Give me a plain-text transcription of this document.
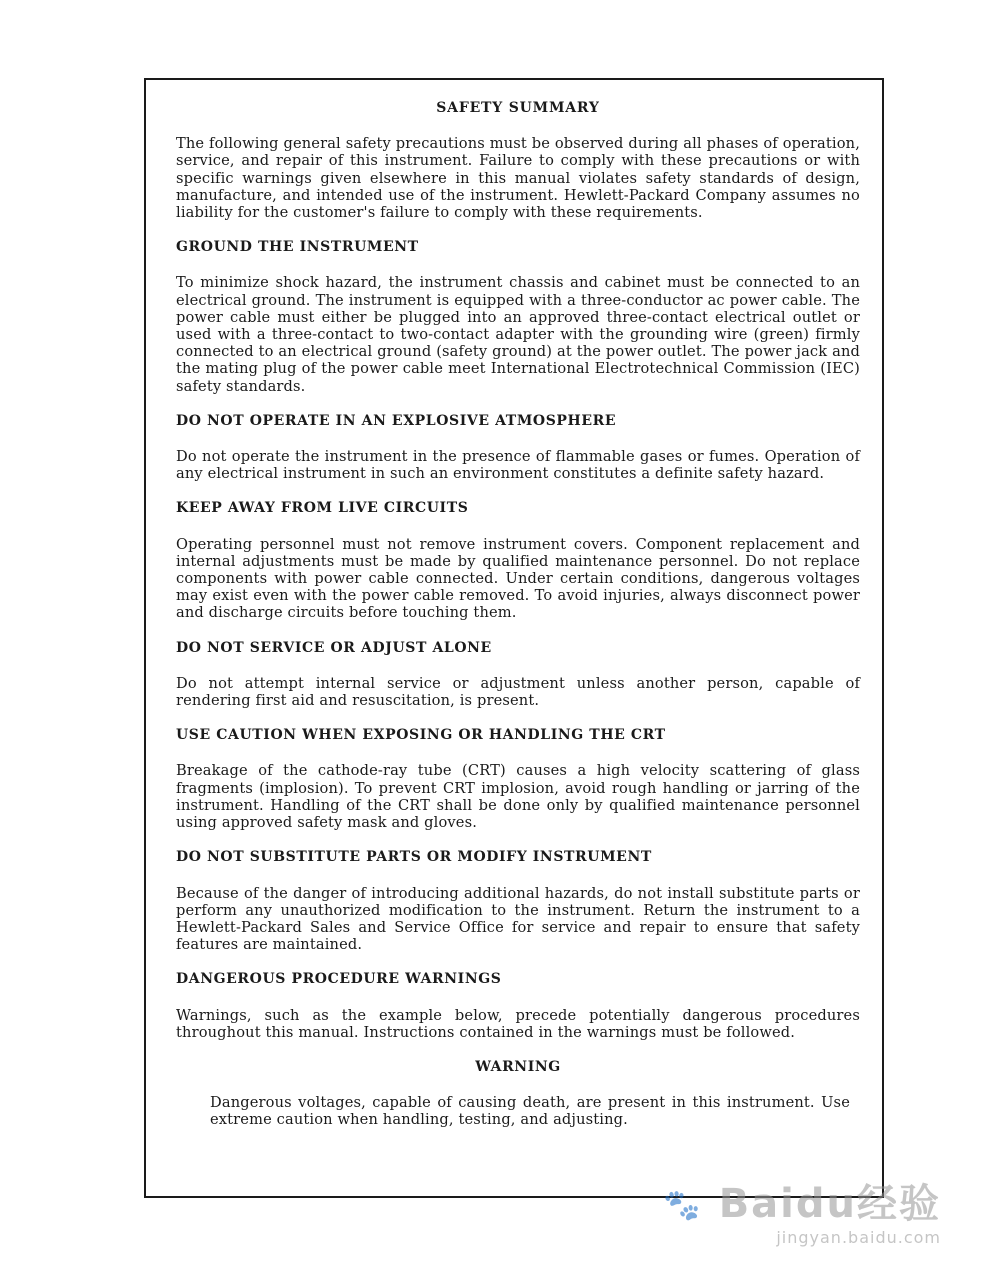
SAFETY SUMMARY
The following general safety precautions must be observed during all phases of operation, service, and repair of this instrument. Failure to comply with these precautions or with specific warnings given elsewhere in this manual violates safety standards of design, manufacture, and intended use of the instrument. Hewlett-Packard Company assumes no liability for the customer's failure to comply with these requirements.
GROUND THE INSTRUMENT
To minimize shock hazard, the instrument chassis and cabinet must be connected to an electrical ground. The instrument is equipped with a three-conductor ac power cable. The power cable must either be plugged into an approved three-contact electrical outlet or used with a three-contact to two-contact adapter with the grounding wire (green) firmly connected to an electrical ground (safety ground) at the power outlet. The power jack and the mating plug of the power cable meet International Electrotechnical Commission (IEC) safety standards.
DO NOT OPERATE IN AN EXPLOSIVE ATMOSPHERE
Do not operate the instrument in the presence of flammable gases or fumes. Operation of any electrical instrument in such an environment constitutes a definite safety hazard.
KEEP AWAY FROM LIVE CIRCUITS
Operating personnel must not remove instrument covers. Component replacement and internal adjustments must be made by qualified maintenance personnel. Do not replace components with power cable connected. Under certain conditions, dangerous voltages may exist even with the power cable removed. To avoid injuries, always disconnect power and discharge circuits before touching them.
DO NOT SERVICE OR ADJUST ALONE
Do not attempt internal service or adjustment unless another person, capable of rendering first aid and resuscitation, is present.
USE CAUTION WHEN EXPOSING OR HANDLING THE CRT
Breakage of the cathode-ray tube (CRT) causes a high velocity scattering of glass fragments (implosion). To prevent CRT implosion, avoid rough handling or jarring of the instrument. Handling of the CRT shall be done only by qualified maintenance personnel using approved safety mask and gloves.
DO NOT SUBSTITUTE PARTS OR MODIFY INSTRUMENT
Because of the danger of introducing additional hazards, do not install substitute parts or perform any unauthorized modification to the instrument. Return the instrument to a Hewlett-Packard Sales and Service Office for service and repair to ensure that safety features are maintained.
DANGEROUS PROCEDURE WARNINGS
Warnings, such as the example below, precede potentially dangerous procedures throughout this manual. Instructions contained in the warnings must be followed.
WARNING
Dangerous voltages, capable of causing death, are present in this instrument. Use extreme caution when handling, testing, and adjusting.
🐾 Baidu经验
jingyan.baidu.com
